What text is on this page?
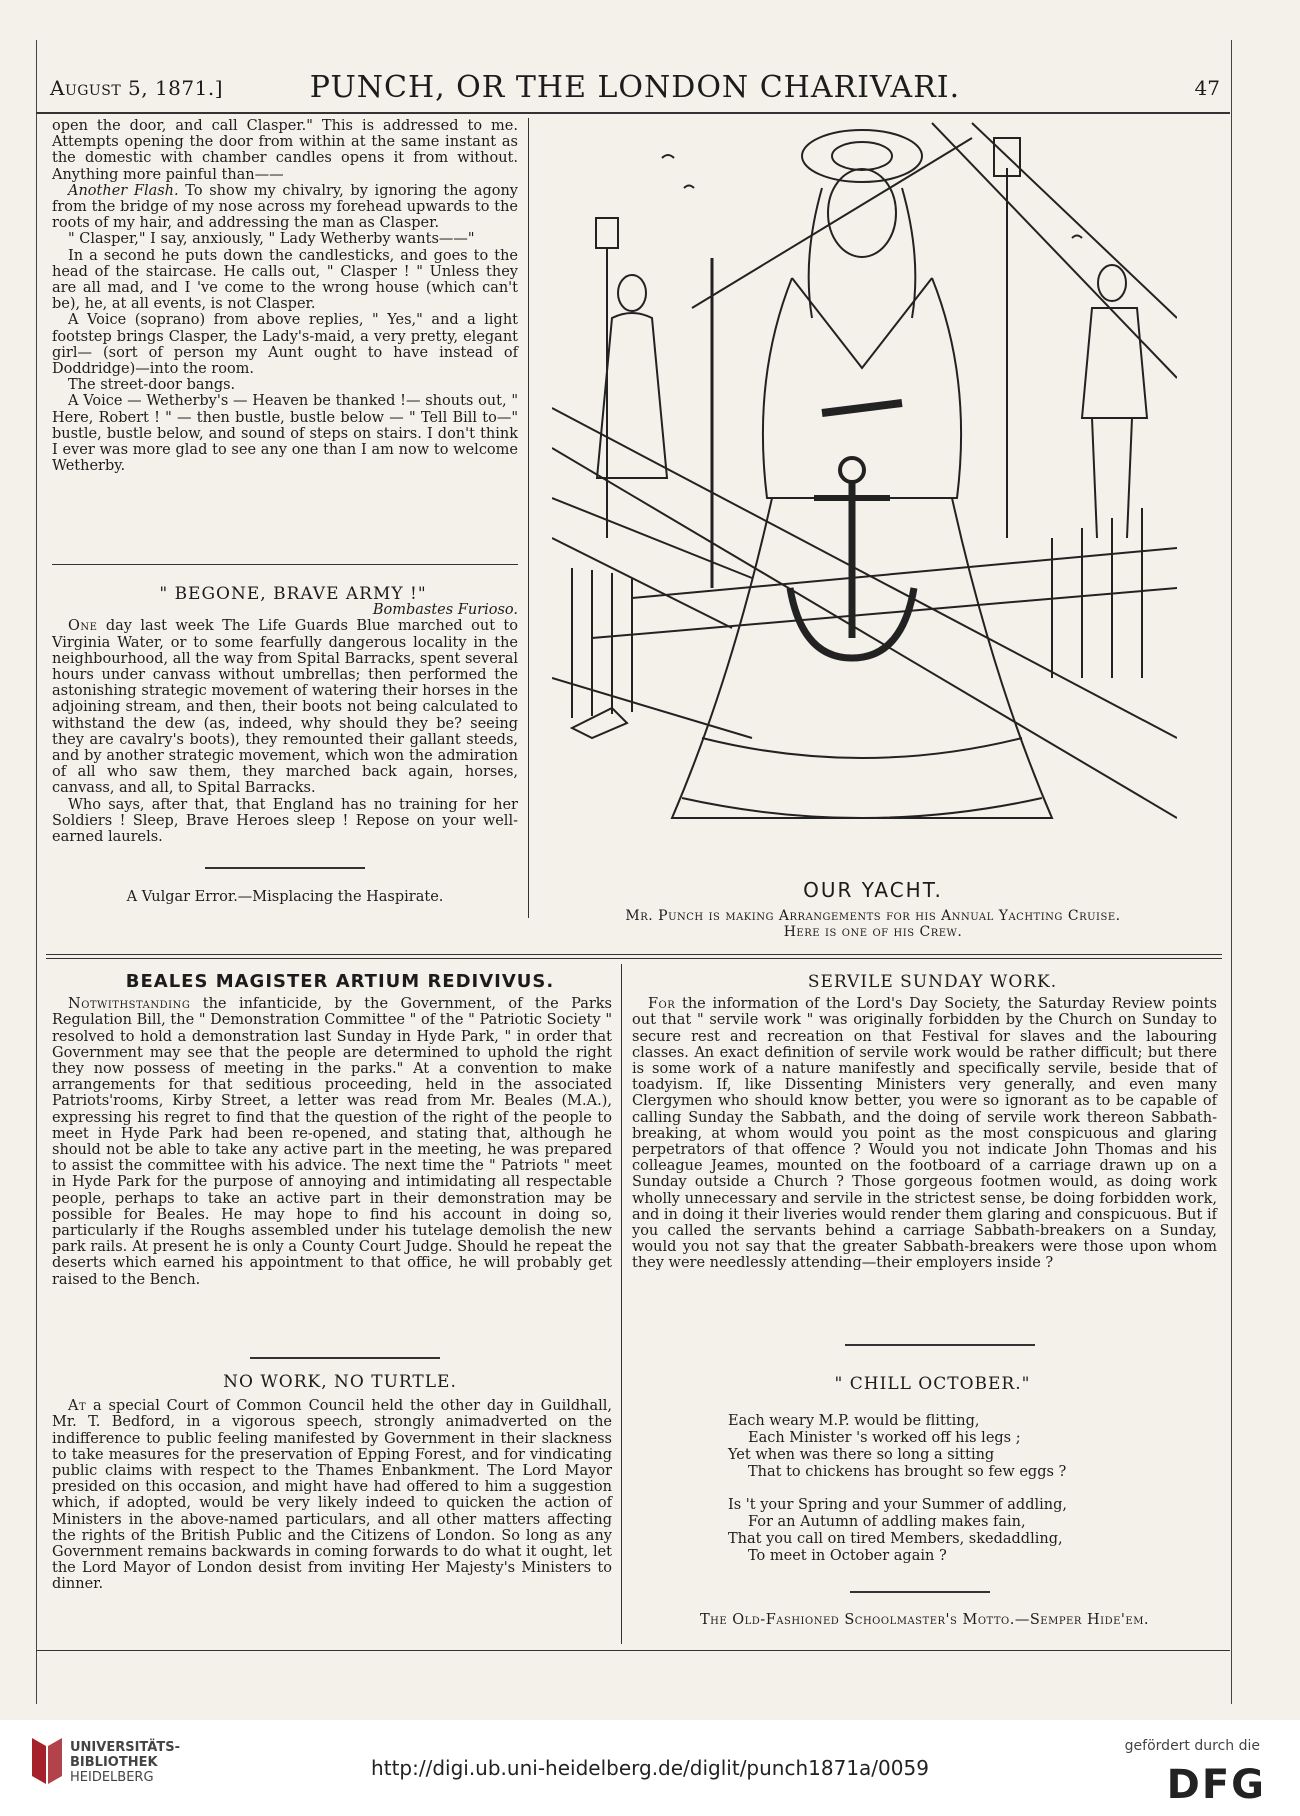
August 5, 1871.]	PUNCH, OR THE LONDON CHARIVARI.	47

open the door, and call Clasper." This is addressed to me. Attempts opening the door from within at the same instant as the domestic with chamber candles opens it from without. Anything more painful than——

Another Flash. To show my chivalry, by ignoring the agony from the bridge of my nose across my forehead upwards to the roots of my hair, and addressing the man as Clasper.

" Clasper," I say, anxiously, " Lady Wetherby wants——"

In a second he puts down the candlesticks, and goes to the head of the staircase. He calls out, " Clasper ! " Unless they are all mad, and I 've come to the wrong house (which can't be), he, at all events, is not Clasper.

A Voice (soprano) from above replies, " Yes," and a light footstep brings Clasper, the Lady's-maid, a very pretty, elegant girl— (sort of person my Aunt ought to have instead of Doddridge)—into the room.

The street-door bangs.

A Voice — Wetherby's — Heaven be thanked !— shouts out, " Here, Robert ! " — then bustle, bustle below — " Tell Bill to—" bustle, bustle below, and sound of steps on stairs. I don't think I ever was more glad to see any one than I am now to welcome Wetherby.

" BEGONE, BRAVE ARMY !"

Bombastes Furioso.

One day last week The Life Guards Blue marched out to Virginia Water, or to some fearfully dangerous locality in the neighbourhood, all the way from Spital Barracks, spent several hours under canvass without umbrellas; then performed the astonishing strategic movement of watering their horses in the adjoining stream, and then, their boots not being calculated to withstand the dew (as, indeed, why should they be? seeing they are cavalry's boots), they remounted their gallant steeds, and by another strategic movement, which won the admiration of all who saw them, they marched back again, horses, canvass, and all, to Spital Barracks.

Who says, after that, that England has no training for her Soldiers ! Sleep, Brave Heroes sleep ! Repose on your well-earned laurels.

A Vulgar Error.—Misplacing the Haspirate.	OUR YACHT.
Mr. Punch is making Arrangements for his Annual Yachting Cruise.
Here is one of his Crew.

BEALES MAGISTER ARTIUM REDIVIVUS.

Notwithstanding the infanticide, by the Government, of the Parks Regulation Bill, the " Demonstration Committee " of the " Patriotic Society " resolved to hold a demonstration last Sunday in Hyde Park, " in order that Government may see that the people are determined to uphold the right they now possess of meeting in the parks." At a convention to make arrangements for that seditious proceeding, held in the associated Patriots'rooms, Kirby Street, a letter was read from Mr. Beales (M.A.), expressing his regret to find that the question of the right of the people to meet in Hyde Park had been re-opened, and stating that, although he should not be able to take any active part in the meeting, he was prepared to assist the committee with his advice. The next time the " Patriots " meet in Hyde Park for the purpose of annoying and intimidating all respectable people, perhaps to take an active part in their demonstration may be possible for Beales. He may hope to find his account in doing so, particularly if the Roughs assembled under his tutelage demolish the new park rails. At present he is only a County Court Judge. Should he repeat the deserts which earned his appointment to that office, he will probably get raised to the Bench.

NO WORK, NO TURTLE.

At a special Court of Common Council held the other day in Guildhall, Mr. T. Bedford, in a vigorous speech, strongly animadverted on the indifference to public feeling manifested by Government in their slackness to take measures for the preservation of Epping Forest, and for vindicating public claims with respect to the Thames Enbankment. The Lord Mayor presided on this occasion, and might have had offered to him a suggestion which, if adopted, would be very likely indeed to quicken the action of Ministers in the above-named particulars, and all other matters affecting the rights of the British Public and the Citizens of London. So long as any Government remains backwards in coming forwards to do what it ought, let the Lord Mayor of London desist from inviting Her Majesty's Ministers to dinner.

SERVILE SUNDAY WORK.

For the information of the Lord's Day Society, the Saturday Review points out that " servile work " was originally forbidden by the Church on Sunday to secure rest and recreation on that Festival for slaves and the labouring classes. An exact definition of servile work would be rather difficult; but there is some work of a nature manifestly and specifically servile, beside that of toadyism. If, like Dissenting Ministers very generally, and even many Clergymen who should know better, you were so ignorant as to be capable of calling Sunday the Sabbath, and the doing of servile work thereon Sabbath-breaking, at whom would you point as the most conspicuous and glaring perpetrators of that offence ? Would you not indicate John Thomas and his colleague Jeames, mounted on the footboard of a carriage drawn up on a Sunday outside a Church ? Those gorgeous footmen would, as doing work wholly unnecessary and servile in the strictest sense, be doing forbidden work, and in doing it their liveries would render them glaring and conspicuous. But if you called the servants behind a carriage Sabbath-breakers on a Sunday, would you not say that the greater Sabbath-breakers were those upon whom they were needlessly attending—their employers inside ?

" CHILL OCTOBER."

Each weary M.P. would be flitting,

Each Minister 's worked off his legs ;

Yet when was there so long a sitting

That to chickens has brought so few eggs ?

Is 't your Spring and your Summer of addling,

For an Autumn of addling makes fain,

That you call on tired Members, skedaddling,

To meet in October again ?

The Old-Fashioned Schoolmaster's Motto.—Semper Hide'em.

UNIVERSITÄTS-
BIBLIOTHEK
HEIDELBERG	http://digi.ub.uni-heidelberg.de/diglit/punch1871a/0059
gefördert durch die
DFG
